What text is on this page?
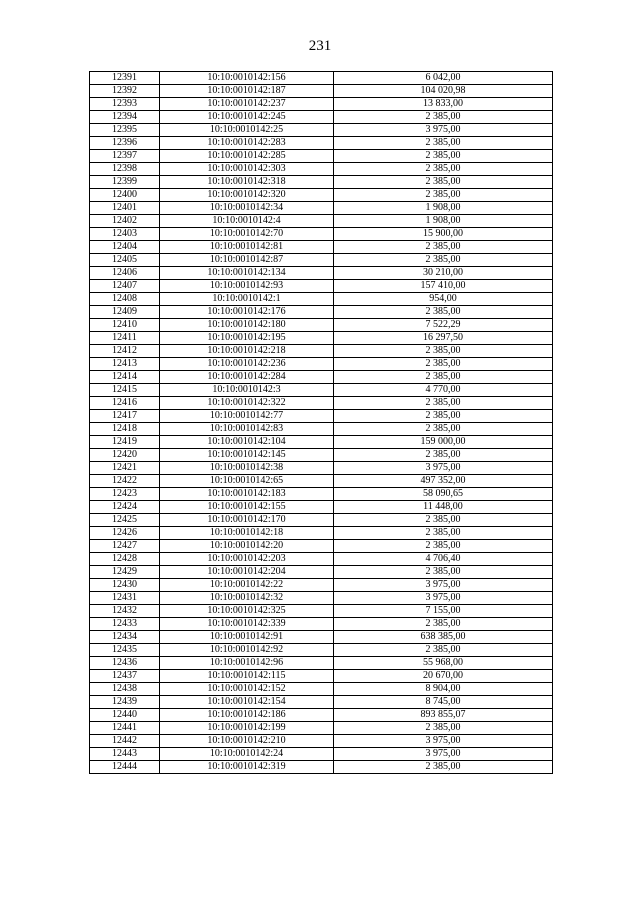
231
12391	10:10:0010142:156	6 042,00
12392	10:10:0010142:187	104 020,98
12393	10:10:0010142:237	13 833,00
12394	10:10:0010142:245	2 385,00
12395	10:10:0010142:25	3 975,00
12396	10:10:0010142:283	2 385,00
12397	10:10:0010142:285	2 385,00
12398	10:10:0010142:303	2 385,00
12399	10:10:0010142:318	2 385,00
12400	10:10:0010142:320	2 385,00
12401	10:10:0010142:34	1 908,00
12402	10:10:0010142:4	1 908,00
12403	10:10:0010142:70	15 900,00
12404	10:10:0010142:81	2 385,00
12405	10:10:0010142:87	2 385,00
12406	10:10:0010142:134	30 210,00
12407	10:10:0010142:93	157 410,00
12408	10:10:0010142:1	954,00
12409	10:10:0010142:176	2 385,00
12410	10:10:0010142:180	7 522,29
12411	10:10:0010142:195	16 297,50
12412	10:10:0010142:218	2 385,00
12413	10:10:0010142:236	2 385,00
12414	10:10:0010142:284	2 385,00
12415	10:10:0010142:3	4 770,00
12416	10:10:0010142:322	2 385,00
12417	10:10:0010142:77	2 385,00
12418	10:10:0010142:83	2 385,00
12419	10:10:0010142:104	159 000,00
12420	10:10:0010142:145	2 385,00
12421	10:10:0010142:38	3 975,00
12422	10:10:0010142:65	497 352,00
12423	10:10:0010142:183	58 090,65
12424	10:10:0010142:155	11 448,00
12425	10:10:0010142:170	2 385,00
12426	10:10:0010142:18	2 385,00
12427	10:10:0010142:20	2 385,00
12428	10:10:0010142:203	4 706,40
12429	10:10:0010142:204	2 385,00
12430	10:10:0010142:22	3 975,00
12431	10:10:0010142:32	3 975,00
12432	10:10:0010142:325	7 155,00
12433	10:10:0010142:339	2 385,00
12434	10:10:0010142:91	638 385,00
12435	10:10:0010142:92	2 385,00
12436	10:10:0010142:96	55 968,00
12437	10:10:0010142:115	20 670,00
12438	10:10:0010142:152	8 904,00
12439	10:10:0010142:154	8 745,00
12440	10:10:0010142:186	893 855,07
12441	10:10:0010142:199	2 385,00
12442	10:10:0010142:210	3 975,00
12443	10:10:0010142:24	3 975,00
12444	10:10:0010142:319	2 385,00
